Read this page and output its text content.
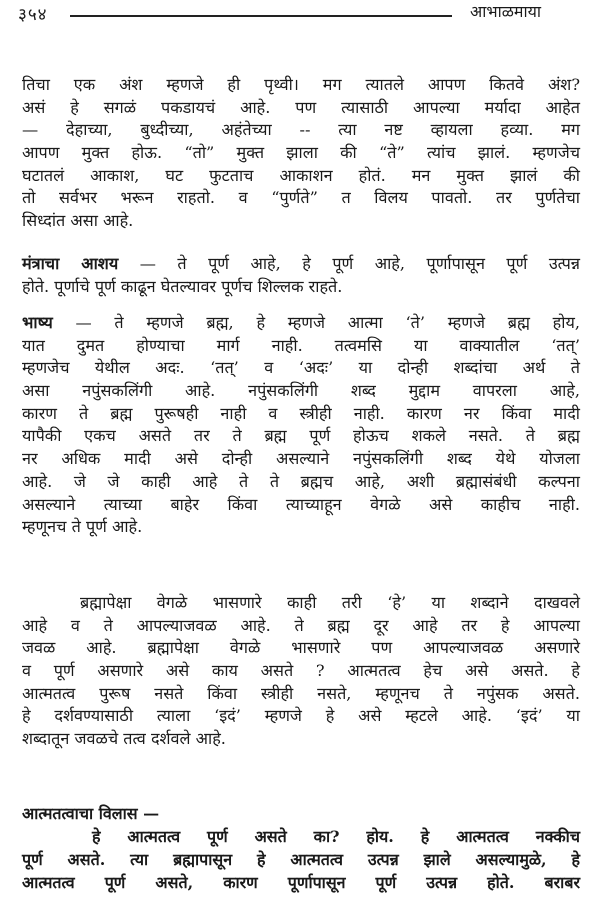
३५४	आभाळमाया
तिचा एक अंश म्हणजे ही पृथ्वी। मग त्यातले आपण कितवे अंश?
असं हे सगळं पकडायचं आहे. पण त्यासाठी आपल्या मर्यादा आहेत
— देहाच्या, बुध्दीच्या, अहंतेच्या -- त्या नष्ट व्हायला हव्या. मग
आपण मुक्त होऊ. “तो” मुक्त झाला की “ते” त्यांच झालं. म्हणजेच
घटातलं आकाश, घट फुटताच आकाशन होतं. मन मुक्त झालं की
तो सर्वभर भरून राहतो. व “पुर्णते” त विलय पावतो. तर पुर्णतेचा
सिध्दांत असा आहे.
मंत्राचा आशय — ते पूर्ण आहे, हे पूर्ण आहे, पूर्णापासून पूर्ण उत्पन्न
होते. पूर्णाचे पूर्ण काढून घेतल्यावर पूर्णच शिल्लक राहते.
भाष्य — ते म्हणजे ब्रह्म, हे म्हणजे आत्मा ‘ते’ म्हणजे ब्रह्म होय,
यात दुमत होण्याचा मार्ग नाही. तत्वमसि या वाक्यातील ‘तत्’
म्हणजेच येथील अदः. ‘तत्’ व ‘अदः’ या दोन्ही शब्दांचा अर्थ ते
असा नपुंसकलिंगी आहे. नपुंसकलिंगी शब्द मुद्दाम वापरला आहे,
कारण ते ब्रह्म पुरूषही नाही व स्त्रीही नाही. कारण नर किंवा मादी
यापैकी एकच असते तर ते ब्रह्म पूर्ण होऊच शकले नसते. ते ब्रह्म
नर अधिक मादी असे दोन्ही असल्याने नपुंसकलिंगी शब्द येथे योजला
आहे. जे जे काही आहे ते ते ब्रह्मच आहे, अशी ब्रह्मासंबंधी कल्पना
असल्याने त्याच्या बाहेर किंवा त्याच्याहून वेगळे असे काहीच नाही.
म्हणूनच ते पूर्ण आहे.
ब्रह्मापेक्षा वेगळे भासणारे काही तरी ‘हे’ या शब्दाने दाखवले
आहे व ते आपल्याजवळ आहे. ते ब्रह्म दूर आहे तर हे आपल्या
जवळ आहे. ब्रह्मापेक्षा वेगळे भासणारे पण आपल्याजवळ असणारे
व पूर्ण असणारे असे काय असते ? आत्मतत्व हेच असे असते. हे
आत्मतत्व पुरूष नसते किंवा स्त्रीही नसते, म्हणूनच ते नपुंसक असते.
हे दर्शवण्यासाठी त्याला ‘इदं’ म्हणजे हे असे म्हटले आहे. ‘इदं’ या
शब्दातून जवळचे तत्व दर्शवले आहे.
आत्मतत्वाचा विलास —
हे आत्मतत्व पूर्ण असते का? होय. हे आत्मतत्व नक्कीच
पूर्ण असते. त्या ब्रह्मापासून हे आत्मतत्व उत्पन्न झाले असल्यामुळे, हे
आत्मतत्व पूर्ण असते, कारण पूर्णापासून पूर्ण उत्पन्न होते. बराबर
